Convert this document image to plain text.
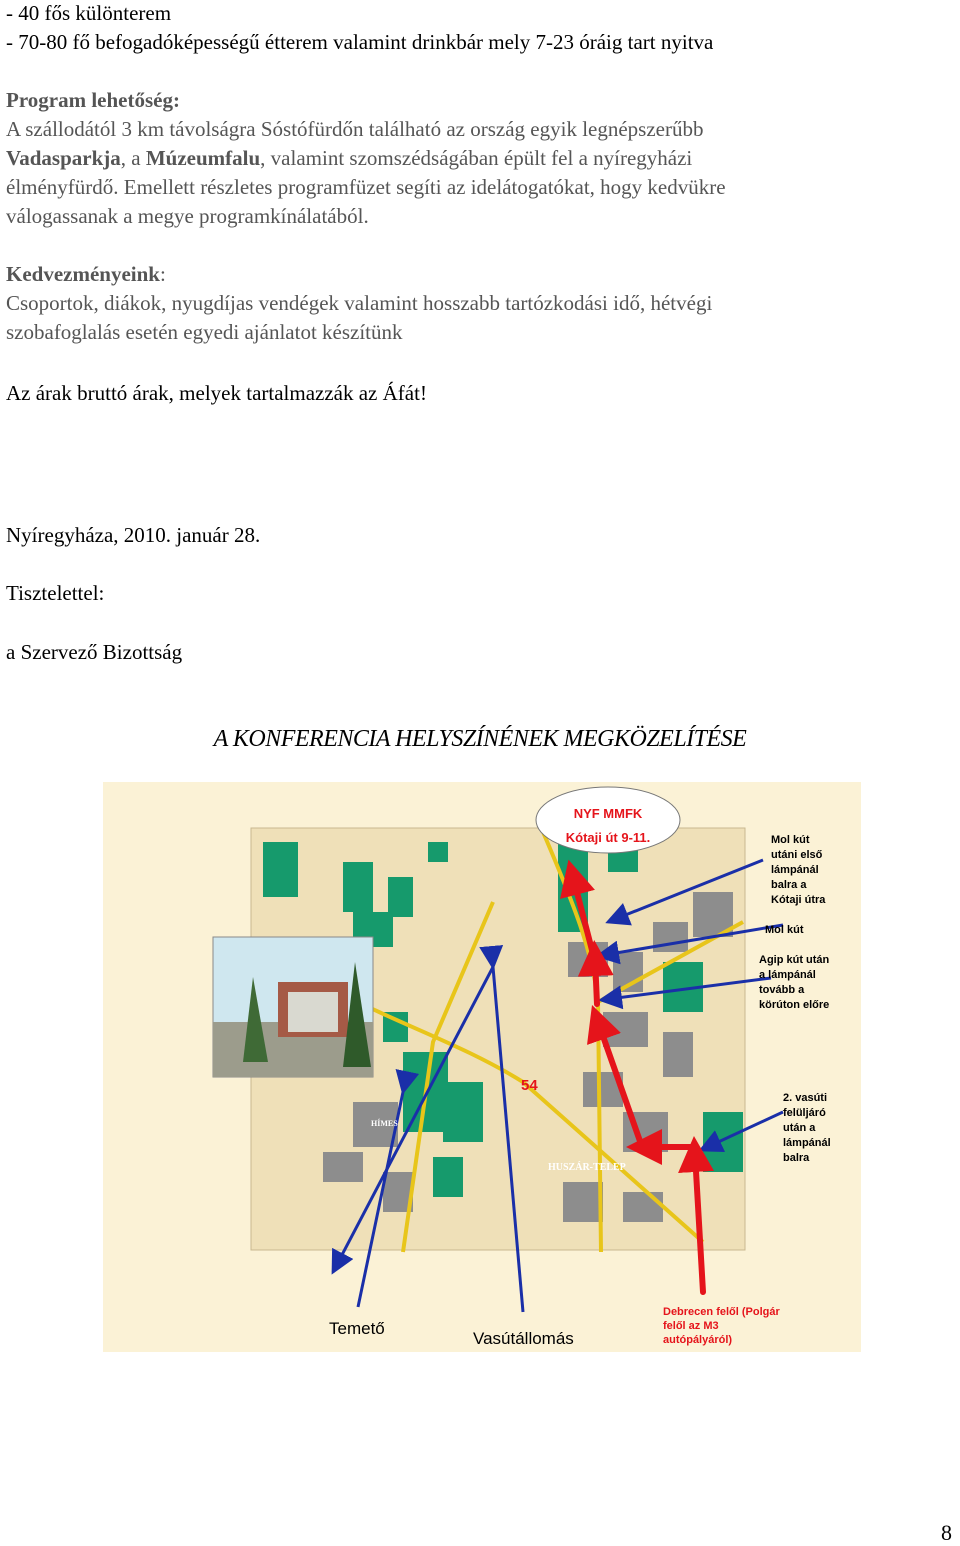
- 40 fős különterem
- 70-80 fő befogadóképességű étterem valamint drinkbár mely 7-23 óráig tart nyitva
Program lehetőség:
A szállodától 3 km távolságra Sóstófürdőn található az ország egyik legnépszerűbb
Vadasparkja, a Múzeumfalu, valamint szomszédságában épült fel a nyíregyházi
élményfürdő. Emellett részletes programfüzet segíti az idelátogatókat, hogy kedvükre
válogassanak a megye programkínálatából.
Kedvezményeink:
Csoportok, diákok, nyugdíjas vendégek valamint hosszabb tartózkodási idő, hétvégi
szobafoglalás esetén egyedi ajánlatot készítünk
Az árak bruttó árak, melyek tartalmazzák az Áfát!
Nyíregyháza, 2010. január 28.
Tisztelettel:
a Szervező Bizottság
A KONFERENCIA HELYSZÍNÉNEK MEGKÖZELÍTÉSE
NYF MMFK
Kótaji út 9-11.
54
HÍMES
HUSZÁR-TELEP
Mol kút utáni első lámpánál balra a Kótaji útra
Mol kút
Agip kút után a lámpánál tovább a körúton előre
2. vasúti felüljáró után a lámpánál balra
Temető
Vasútállomás
Debrecen felől (Polgár felől az M3 autópályáról)
8
